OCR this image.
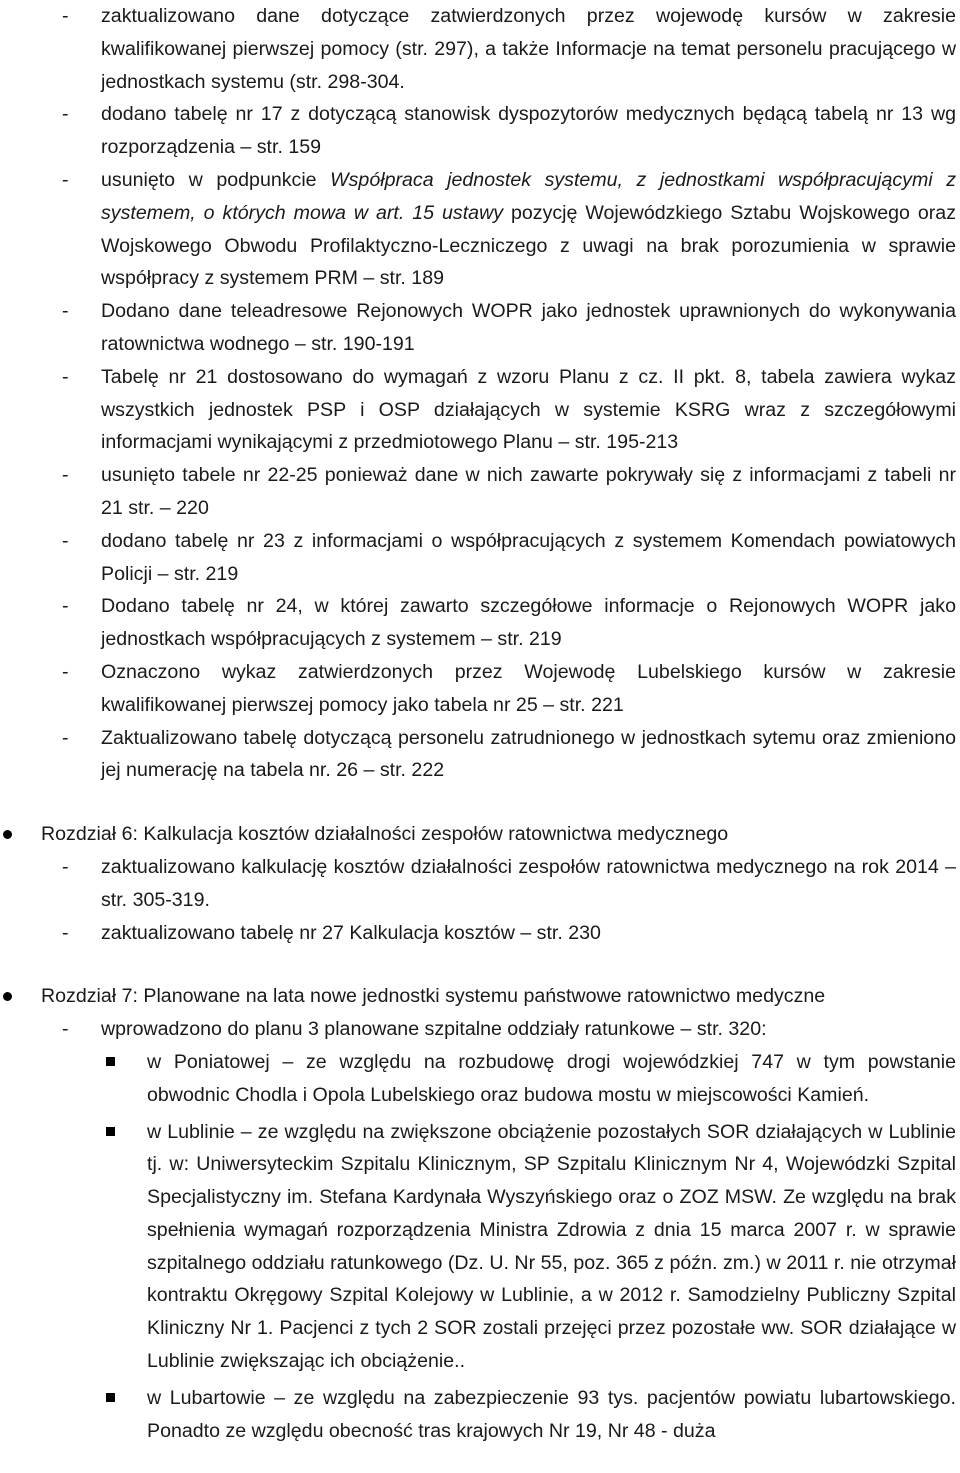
- zaktualizowano dane dotyczące zatwierdzonych przez wojewodę kursów w zakresie kwalifikowanej pierwszej pomocy (str. 297), a także Informacje na temat personelu pracującego w jednostkach systemu (str. 298-304.
- dodano tabelę nr 17 z dotyczącą stanowisk dyspozytorów medycznych będącą tabelą nr 13 wg rozporządzenia – str. 159
- usunięto w podpunkcie Współpraca jednostek systemu, z jednostkami współpracującymi z systemem, o których mowa w art. 15 ustawy pozycję Wojewódzkiego Sztabu Wojskowego oraz Wojskowego Obwodu Profilaktyczno-Leczniczego z uwagi na brak porozumienia w sprawie współpracy z systemem PRM – str. 189
- Dodano dane teleadresowe Rejonowych WOPR jako jednostek uprawnionych do wykonywania ratownictwa wodnego – str. 190-191
- Tabelę nr 21 dostosowano do wymagań z wzoru Planu z cz. II pkt. 8, tabela zawiera wykaz wszystkich jednostek PSP i OSP działających w systemie KSRG wraz z szczegółowymi informacjami wynikającymi z przedmiotowego Planu – str. 195-213
- usunięto tabele nr 22-25 ponieważ dane w nich zawarte pokrywały się z informacjami z tabeli nr 21 str. – 220
- dodano tabelę nr 23 z informacjami o współpracujących z systemem Komendach powiatowych Policji – str. 219
- Dodano tabelę nr 24, w której zawarto szczegółowe informacje o Rejonowych WOPR jako jednostkach współpracujących z systemem – str. 219
- Oznaczono wykaz zatwierdzonych przez Wojewodę Lubelskiego kursów w zakresie kwalifikowanej pierwszej pomocy jako tabela nr 25 – str. 221
- Zaktualizowano tabelę dotyczącą personelu zatrudnionego w jednostkach sytemu oraz zmieniono jej numerację na tabela nr. 26 – str. 222
Rozdział 6: Kalkulacja kosztów działalności zespołów ratownictwa medycznego
- zaktualizowano kalkulację kosztów działalności zespołów ratownictwa medycznego na rok 2014 – str. 305-319.
- zaktualizowano tabelę nr 27 Kalkulacja kosztów – str. 230
Rozdział 7: Planowane na lata nowe jednostki systemu państwowe ratownictwo medyczne
- wprowadzono do planu 3 planowane szpitalne oddziały ratunkowe – str. 320:
w Poniatowej – ze względu na rozbudowę drogi wojewódzkiej 747 w tym powstanie obwodnic Chodla i Opola Lubelskiego oraz budowa mostu w miejscowości Kamień.
w Lublinie – ze względu na zwiększone obciążenie pozostałych SOR działających w Lublinie tj. w: Uniwersyteckim Szpitalu Klinicznym, SP Szpitalu Klinicznym Nr 4, Wojewódzki Szpital Specjalistyczny im. Stefana Kardynała Wyszyńskiego oraz o ZOZ MSW. Ze względu na brak spełnienia wymagań rozporządzenia Ministra Zdrowia z dnia 15 marca 2007 r. w sprawie szpitalnego oddziału ratunkowego (Dz. U. Nr 55, poz. 365 z późn. zm.) w 2011 r. nie otrzymał kontraktu Okręgowy Szpital Kolejowy w Lublinie, a w 2012 r. Samodzielny Publiczny Szpital Kliniczny Nr 1. Pacjenci z tych 2 SOR zostali przejęci przez pozostałe ww. SOR działające w Lublinie zwiększając ich obciążenie..
w Lubartowie – ze względu na zabezpieczenie 93 tys. pacjentów powiatu lubartowskiego. Ponadto ze względu obecność tras krajowych Nr 19, Nr 48 - duża
